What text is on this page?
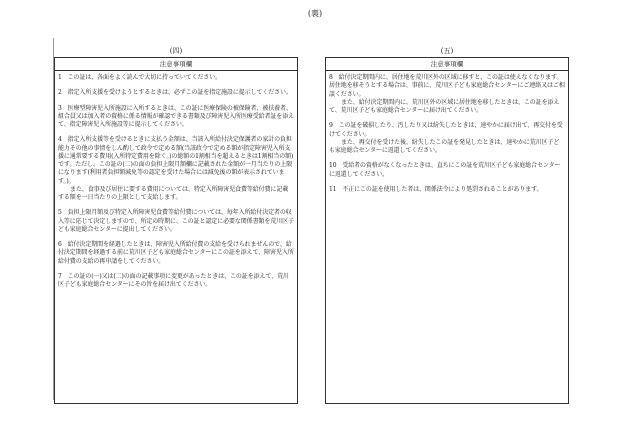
(裏)
(四)
注意事項欄

1　この証は、各面をよく読んで大切に持っていてください。

2　指定入所支援を受けようとするときは、必ずこの証を指定施設に提示してください。

3　医療型障害児入所施設に入所するときは、この証に医療保険の被保険者、被扶養者、組合員又は加入者の資格に係る情報が確認できる書類及び障害児入所医療受給者証を添えて、指定障害児入所施設等に提示してください。

4　指定入所支援等を受けるときに支払う金額は、当該入所給付決定保護者の家計の負担能力その他の事情をしん酌して政令で定める額(当該政令で定める額が指定障害児入所支援に通常要する費用(入所特定費用を除く。)の総額の1割相当を超えるときは1割相当の額)です。ただし、この証の(二)の面の負担上限月額欄に記載された金額が一月当たりの上限になります(利用者負担額減免等の認定を受けた場合には減免後の額が表示されています。)。

また、食事及び居住に要する費用については、特定入所障害児食費等給付費に記載する額を一日当たりの上限として支給します。

5　負担上限月額及び特定入所障害児食費等給付費については、毎年入所給付決定者の収入等に応じて決定しますので、所定の時期に、この証と認定に必要な関係書類を荒川区子ども家庭総合センターに提出してください。

6　給付決定期間を経過したときは、障害児入所給付費の支給を受けられませんので、給付決定期間を経過する前に荒川区子ども家庭総合センターにこの証を添えて、障害児入所給付費の支給の再申請をしてください。

7　この証の(一)又は(二)の面の記載事項に変更があったときは、この証を添えて、荒川区子ども家庭総合センターにその旨を届け出てください。

(五)
注意事項欄

8　給付決定期間内に、居住地を荒川区外の区域に移すと、この証は使えなくなります。居住地を移そうとする場合は、事前に、荒川区子ども家庭総合センターにご連絡又はご相談ください。

また、給付決定期間内に、荒川区外の区域に居住地を移したときは、この証を添えて、荒川区子ども家庭総合センターに届け出てください。

9　この証を破損したり、汚したり又は紛失したときは、速やかに届け出て、再交付を受けてください。

また、再交付を受けた後、紛失したこの証を発見したときは、速やかに荒川区子ども家庭総合センターに返還してください。

10　受給者の資格がなくなったときは、直ちにこの証を荒川区子ども家庭総合センターに返還してください。

11　不正にこの証を使用した者は、関係法令により処罰されることがあります。
